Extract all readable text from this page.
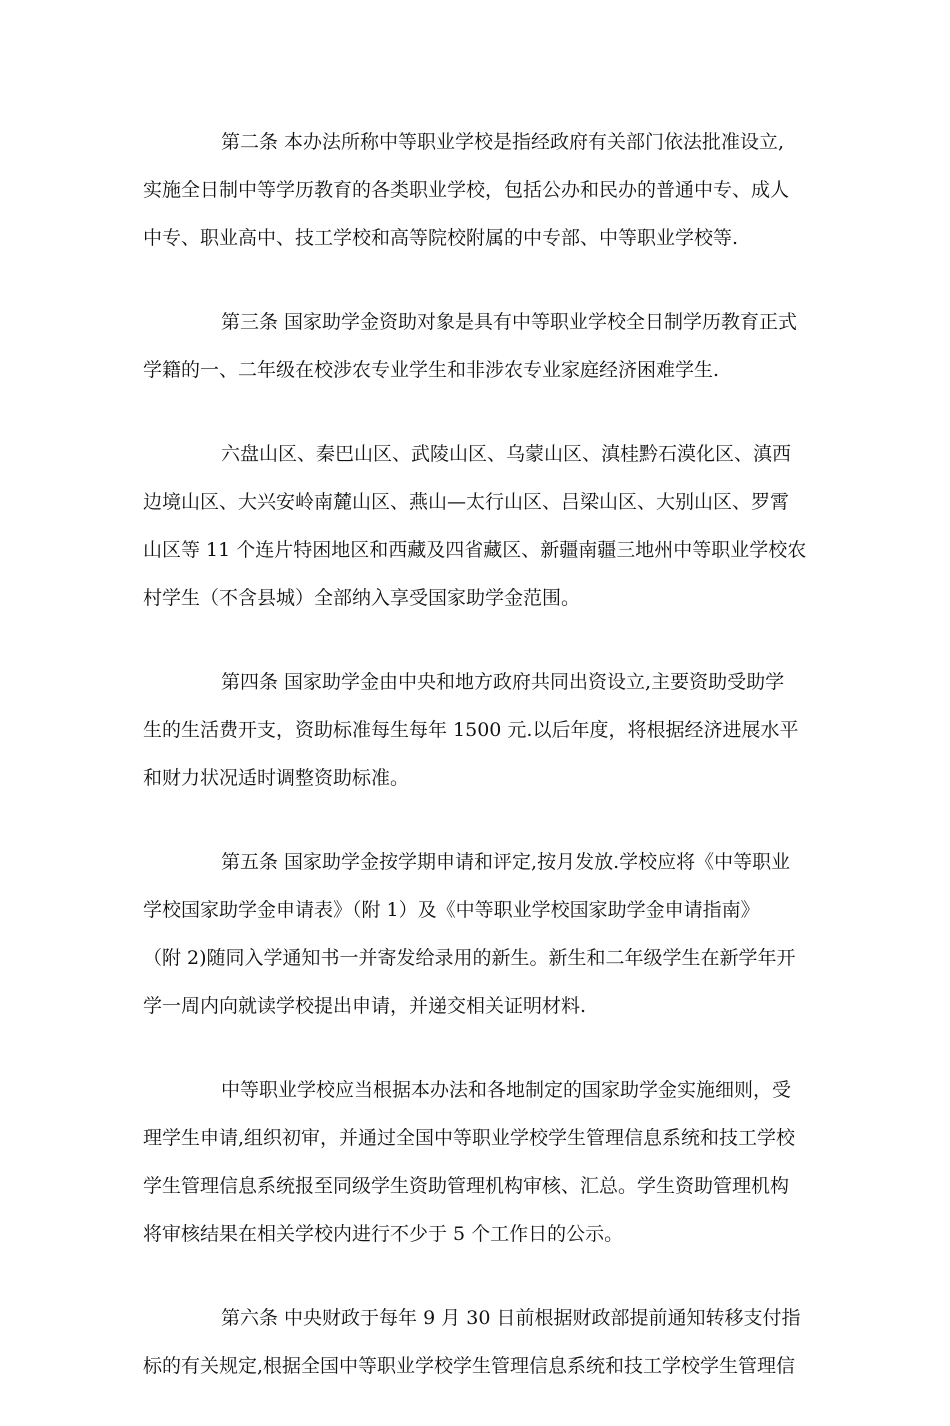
第二条 本办法所称中等职业学校是指经政府有关部门依法批准设立,
实施全日制中等学历教育的各类职业学校，包括公办和民办的普通中专、成人
中专、职业高中、技工学校和高等院校附属的中专部、中等职业学校等.
第三条 国家助学金资助对象是具有中等职业学校全日制学历教育正式
学籍的一、二年级在校涉农专业学生和非涉农专业家庭经济困难学生.
六盘山区、秦巴山区、武陵山区、乌蒙山区、滇桂黔石漠化区、滇西
边境山区、大兴安岭南麓山区、燕山—太行山区、吕梁山区、大别山区、罗霄
山区等 11 个连片特困地区和西藏及四省藏区、新疆南疆三地州中等职业学校农
村学生（不含县城）全部纳入享受国家助学金范围。
第四条 国家助学金由中央和地方政府共同出资设立,主要资助受助学
生的生活费开支，资助标准每生每年 1500 元.以后年度，将根据经济进展水平
和财力状况适时调整资助标准。
第五条 国家助学金按学期申请和评定,按月发放.学校应将《中等职业
学校国家助学金申请表》（附 1）及《中等职业学校国家助学金申请指南》
（附 2)随同入学通知书一并寄发给录用的新生。新生和二年级学生在新学年开
学一周内向就读学校提出申请，并递交相关证明材料.
中等职业学校应当根据本办法和各地制定的国家助学金实施细则，受
理学生申请,组织初审，并通过全国中等职业学校学生管理信息系统和技工学校
学生管理信息系统报至同级学生资助管理机构审核、汇总。学生资助管理机构
将审核结果在相关学校内进行不少于 5 个工作日的公示。
第六条 中央财政于每年 9 月 30 日前根据财政部提前通知转移支付指
标的有关规定,根据全国中等职业学校学生管理信息系统和技工学校学生管理信
